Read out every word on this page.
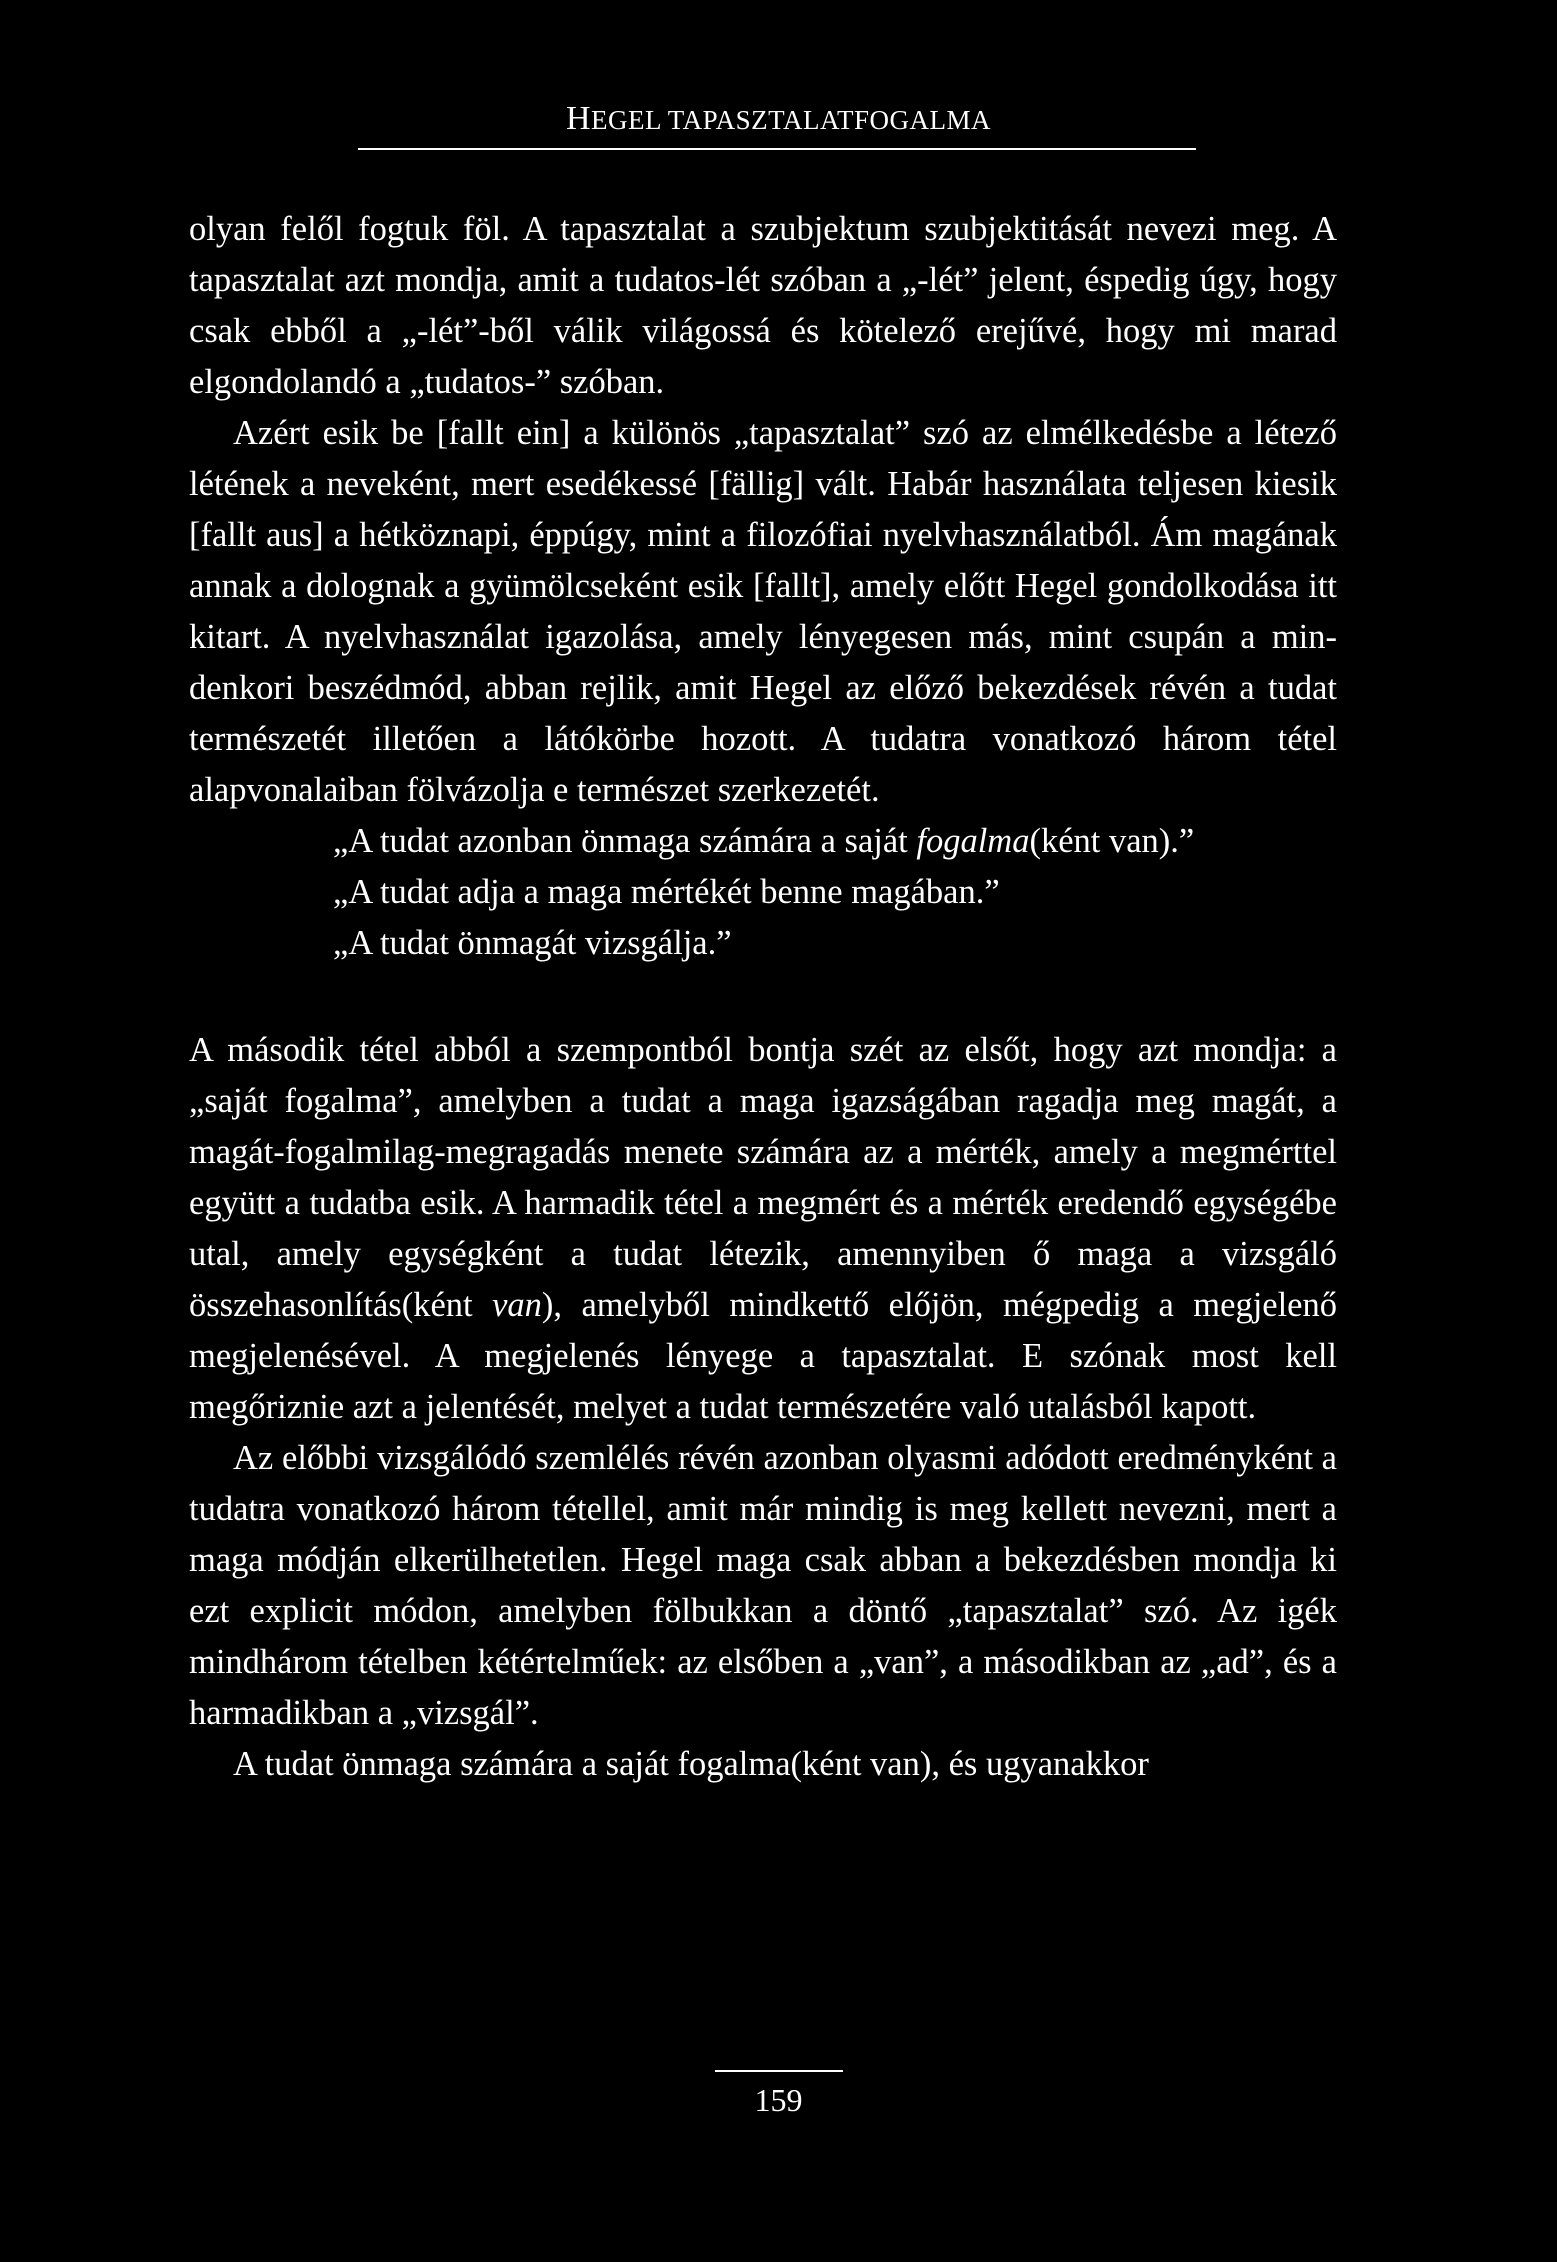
HEGEL TAPASZTALATFOGALMA

olyan felől fogtuk föl. A tapasztalat a szubjektum szubjektitását nevezi meg. A tapasztalat azt mondja, amit a tudatos-lét szóban a „-lét” jelent, éspedig úgy, hogy csak ebből a „-lét”-ből válik világossá és kötelező erejűvé, hogy mi marad elgondolandó a „tudatos-” szóban.

Azért esik be [fallt ein] a különös „tapasztalat” szó az elmélkedésbe a létező létének a neveként, mert esedékessé [fällig] vált. Habár használata teljesen kiesik [fallt aus] a hétköznapi, éppúgy, mint a filozófiai nyelvhasználatból. Ám magának annak a dolognak a gyümölcseként esik [fallt], amely előtt Hegel gondolkodása itt kitart. A nyelvhasználat igazolása, amely lényegesen más, mint csupán a mindenkori beszédmód, abban rejlik, amit Hegel az előző bekezdések révén a tudat természetét illetően a látókörbe hozott. A tudatra vonatkozó három tétel alapvonalaiban fölvázolja e természet szerkezetét.

„A tudat azonban önmaga számára a saját fogalma(ként van).”
„A tudat adja a maga mértékét benne magában.”
„A tudat önmagát vizsgálja.”

A második tétel abból a szempontból bontja szét az elsőt, hogy azt mondja: a „saját fogalma”, amelyben a tudat a maga igazságában ragadja meg magát, a magát-fogalmilag-megragadás menete számára az a mérték, amely a megmérttel együtt a tudatba esik. A harmadik tétel a megmért és a mérték eredendő egységébe utal, amely egységként a tudat létezik, amennyiben ő maga a vizsgáló összehasonlítás(ként van), amelyből mindkettő előjön, mégpedig a megjelenő megjelenésével. A megjelenés lényege a tapasztalat. E szónak most kell megőriznie azt a jelentését, melyet a tudat természetére való utalásból kapott.

Az előbbi vizsgálódó szemlélés révén azonban olyasmi adódott eredményként a tudatra vonatkozó három tétellel, amit már mindig is meg kellett nevezni, mert a maga módján elkerülhetetlen. Hegel maga csak abban a bekezdésben mondja ki ezt explicit módon, amelyben fölbukkan a döntő „tapasztalat” szó. Az igék mindhárom tételben kétértelműek: az elsőben a „van”, a másodikban az „ad”, és a harmadikban a „vizsgál”.

A tudat önmaga számára a saját fogalma(ként van), és ugyanakkor

159
